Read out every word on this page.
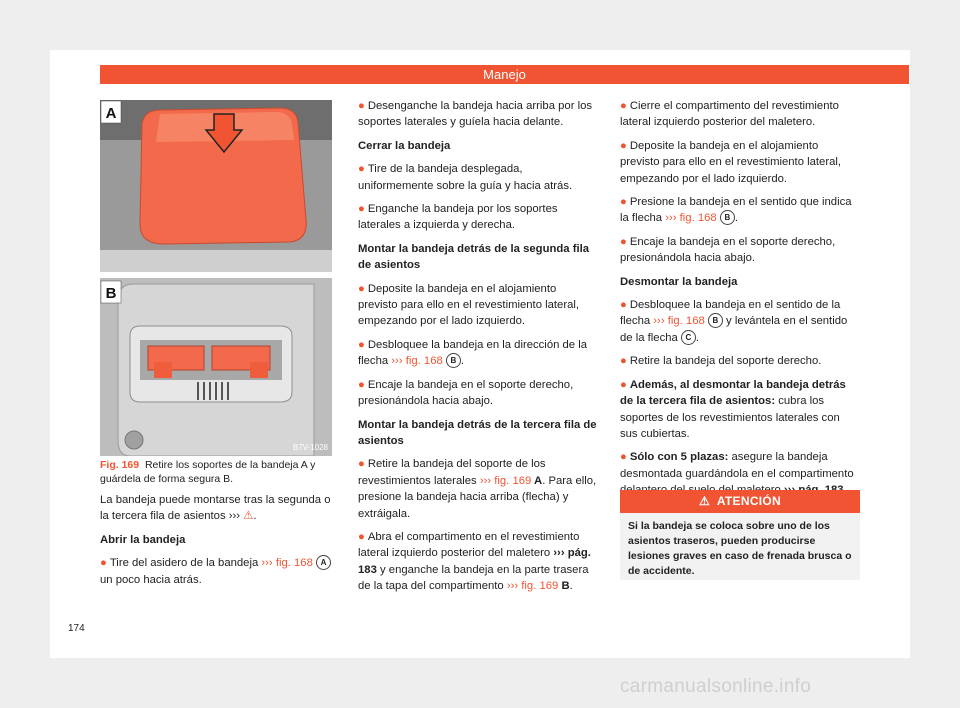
Manejo
A
B
B7V-1028
Fig. 169 Retire los soportes de la bandeja A y guárdela de forma segura B.

La bandeja puede montarse tras la segunda o la tercera fila de asientos ››› ⚠.

Abrir la bandeja

● Tire del asidero de la bandeja ››› fig. 168 A un poco hacia atrás.

● Desenganche la bandeja hacia arriba por los soportes laterales y guíela hacia delante.

Cerrar la bandeja

● Tire de la bandeja desplegada, uniformemente sobre la guía y hacia atrás.

● Enganche la bandeja por los soportes laterales a izquierda y derecha.

Montar la bandeja detrás de la segunda fila de asientos

● Deposite la bandeja en el alojamiento previsto para ello en el revestimiento lateral, empezando por el lado izquierdo.

● Desbloquee la bandeja en la dirección de la flecha ››› fig. 168 B .

● Encaje la bandeja en el soporte derecho, presionándola hacia abajo.

Montar la bandeja detrás de la tercera fila de asientos

● Retire la bandeja del soporte de los revestimientos laterales ››› fig. 169 A. Para ello, presione la bandeja hacia arriba (flecha) y extráigala.

● Abra el compartimento en el revestimiento lateral izquierdo posterior del maletero ››› pág. 183 y enganche la bandeja en la parte trasera de la tapa del compartimento ››› fig. 169 B.

● Cierre el compartimento del revestimiento lateral izquierdo posterior del maletero.

● Deposite la bandeja en el alojamiento previsto para ello en el revestimiento lateral, empezando por el lado izquierdo.

● Presione la bandeja en el sentido que indica la flecha ››› fig. 168 B .

● Encaje la bandeja en el soporte derecho, presionándola hacia abajo.

Desmontar la bandeja

● Desbloquee la bandeja en el sentido de la flecha ››› fig. 168 B y levántela en el sentido de la flecha C .

● Retire la bandeja del soporte derecho.

● Además, al desmontar la bandeja detrás de la tercera fila de asientos: cubra los soportes de los revestimientos laterales con sus cubiertas.

● Sólo con 5 plazas: asegure la bandeja desmontada guardándola en el compartimento

⚠ ATENCIÓN
Si la bandeja se coloca sobre uno de los asientos traseros, pueden producirse lesiones graves en caso de frenada brusca o de accidente.
174
carmanualsonline.info
